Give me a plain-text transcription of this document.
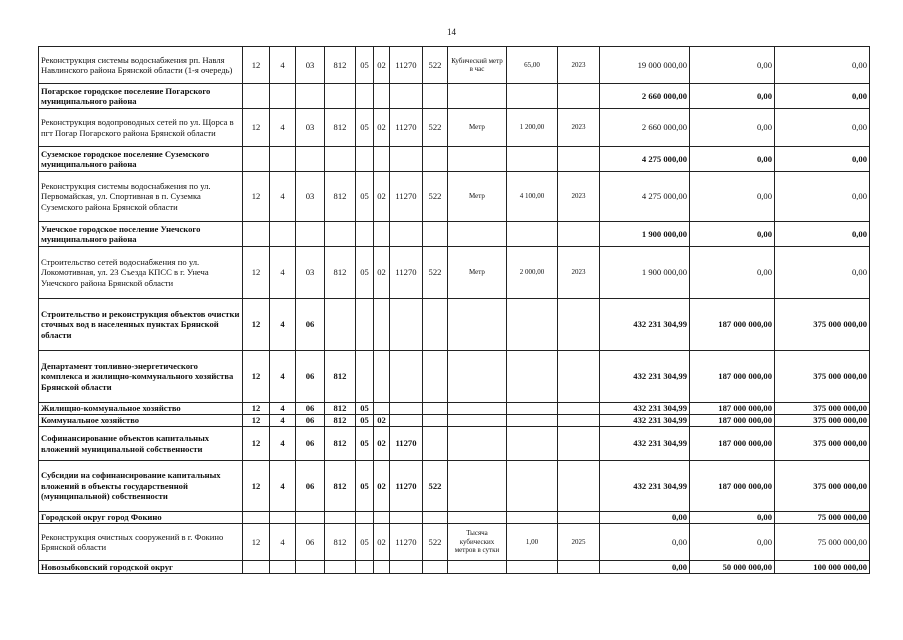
14
Реконструкция системы водоснабжения рп. Навля Навлинского района Брянской области (1-я очередь)	12	4	03	812	05	02	11270	522	Кубический метр в час	65,00	2023	19 000 000,00	0,00	0,00
Погарское городское поселение Погарского муниципального района												2 660 000,00	0,00	0,00
Реконструкция водопроводных сетей по ул. Щорса в пгт Погар Погарского района Брянской области	12	4	03	812	05	02	11270	522	Метр	1 200,00	2023	2 660 000,00	0,00	0,00
Суземское городское поселение Суземского муниципального района												4 275 000,00	0,00	0,00
Реконструкция системы водоснабжения по ул. Первомайская, ул. Спортивная в п. Суземка Суземского района Брянской области	12	4	03	812	05	02	11270	522	Метр	4 100,00	2023	4 275 000,00	0,00	0,00
Унечское городское поселение Унечского муниципального района												1 900 000,00	0,00	0,00
Строительство сетей водоснабжения по ул. Локомотивная, ул. 23 Съезда КПСС в г. Унеча Унечского района Брянской области	12	4	03	812	05	02	11270	522	Метр	2 000,00	2023	1 900 000,00	0,00	0,00
Строительство и реконструкция объектов очистки сточных вод в населенных пунктах Брянской области	12	4	06									432 231 304,99	187 000 000,00	375 000 000,00
Департамент топливно-энергетического комплекса и жилищно-коммунального хозяйства Брянской области	12	4	06	812								432 231 304,99	187 000 000,00	375 000 000,00
Жилищно-коммунальное хозяйство	12	4	06	812	05							432 231 304,99	187 000 000,00	375 000 000,00
Коммунальное хозяйство	12	4	06	812	05	02						432 231 304,99	187 000 000,00	375 000 000,00
Софинансирование объектов капитальных вложений муниципальной собственности	12	4	06	812	05	02	11270					432 231 304,99	187 000 000,00	375 000 000,00
Субсидии на софинансирование капитальных вложений в объекты государственной (муниципальной) собственности	12	4	06	812	05	02	11270	522				432 231 304,99	187 000 000,00	375 000 000,00
Городской округ город Фокино												0,00	0,00	75 000 000,00
Реконструкция очистных сооружений в г. Фокино Брянской области	12	4	06	812	05	02	11270	522	Тысяча кубических метров в сутки	1,00	2025	0,00	0,00	75 000 000,00
Новозыбковский городской округ												0,00	50 000 000,00	100 000 000,00
